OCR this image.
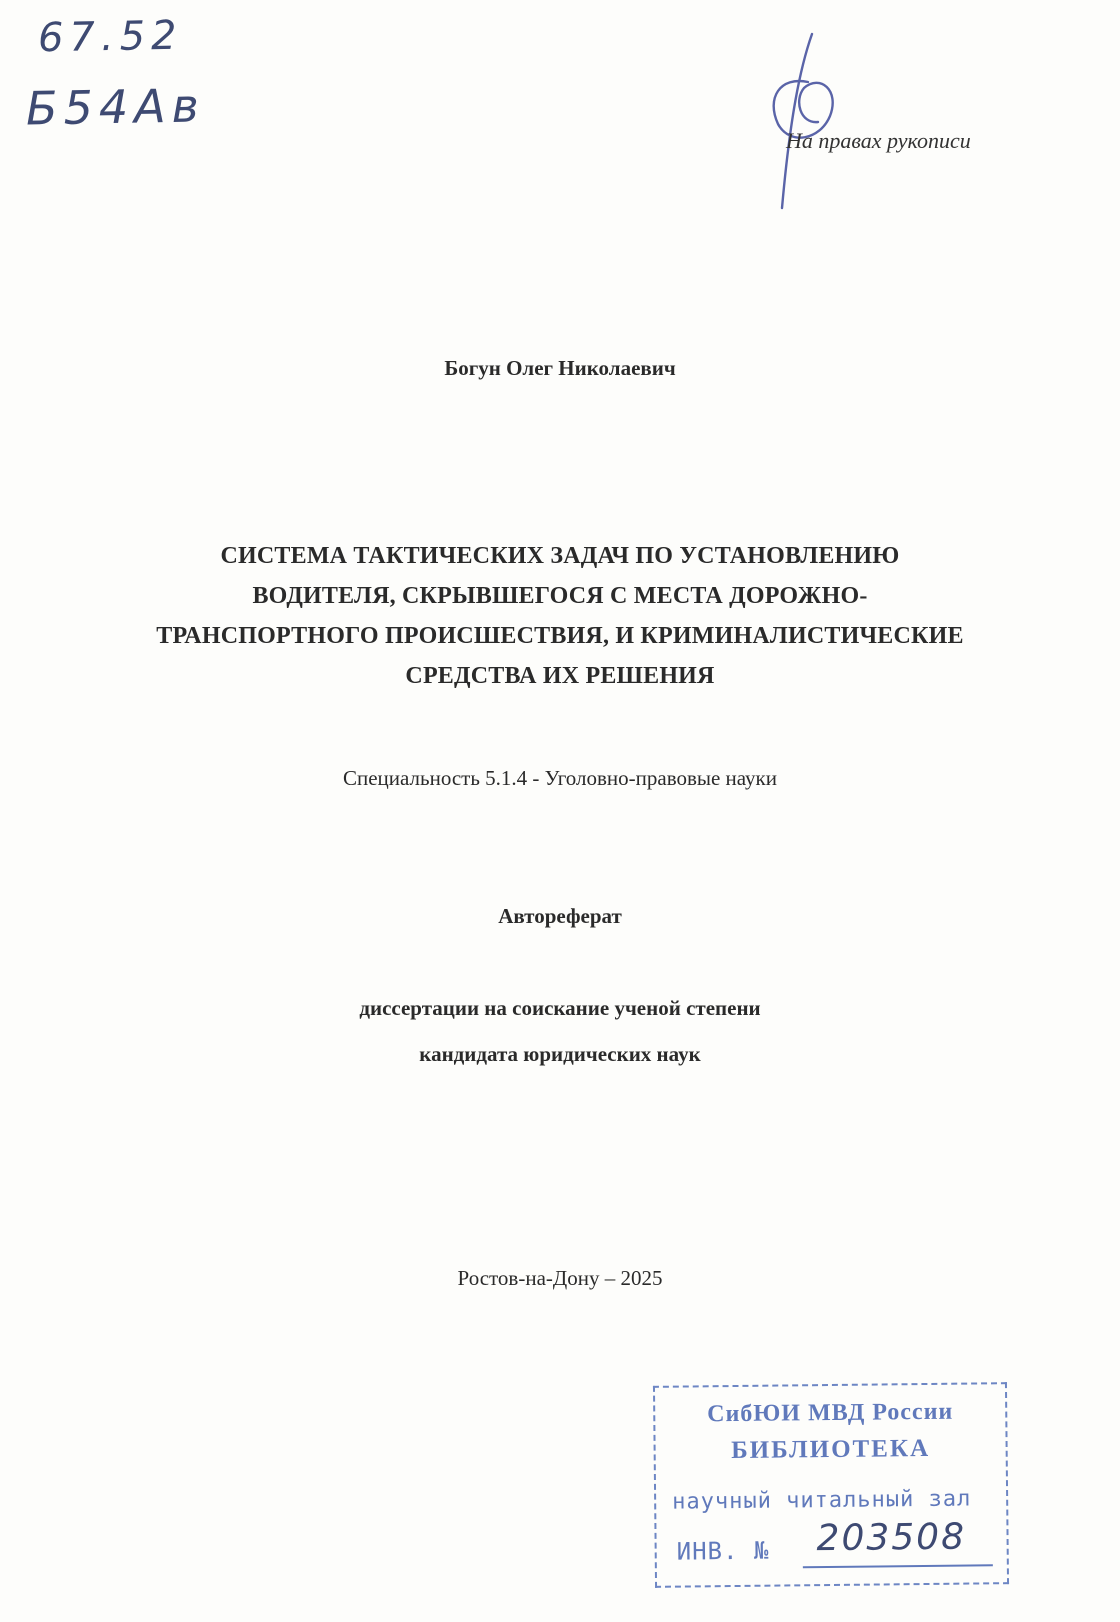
67.52
Б54Ав
На правах рукописи
Богун Олег Николаевич
СИСТЕМА ТАКТИЧЕСКИХ ЗАДАЧ ПО УСТАНОВЛЕНИЮ
ВОДИТЕЛЯ, СКРЫВШЕГОСЯ С МЕСТА ДОРОЖНО-
ТРАНСПОРТНОГО ПРОИСШЕСТВИЯ, И КРИМИНАЛИСТИЧЕСКИЕ
СРЕДСТВА ИХ РЕШЕНИЯ
Специальность 5.1.4 - Уголовно-правовые науки
Автореферат
диссертации на соискание ученой степени
кандидата юридических наук
Ростов-на-Дону – 2025
СибЮИ МВД России
БИБЛИОТЕКА
научный читальный зал
ИНВ. № 203508
